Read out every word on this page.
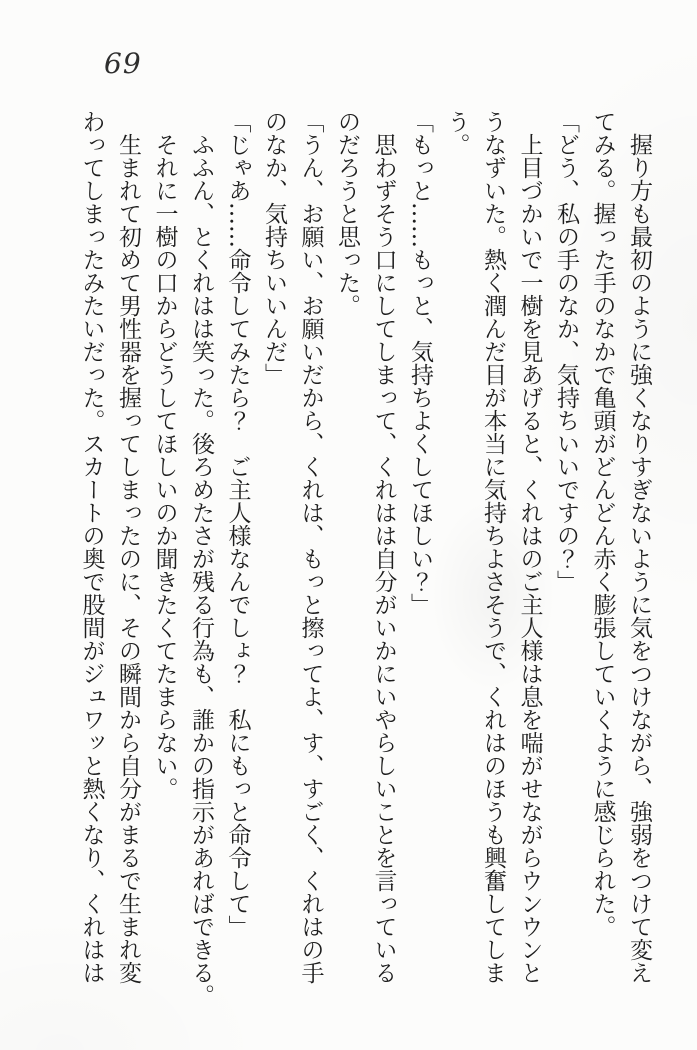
69

握り方も最初のように強くなりすぎないように気をつけながら、強弱をつけて変え

てみる。握った手のなかで亀頭がどんどん赤く膨張していくように感じられた。

「どう、私の手のなか、気持ちいいですの？」

上目づかいで一樹を見あげると、くれはのご主人様は息を喘がせながらウンウンと

うなずいた。熱く潤んだ目が本当に気持ちよさそうで、くれはのほうも興奮してしま

う。

「もっと……もっと、気持ちよくしてほしい？」

思わずそう口にしてしまって、くれはは自分がいかにいやらしいことを言っている

のだろうと思った。

「うん、お願い、お願いだから、くれは、もっと擦ってよ、す、すごく、くれはの手

のなか、気持ちいいんだ」

「じゃあ……命令してみたら？　ご主人様なんでしょ？　私にもっと命令して」

ふふん、とくれはは笑った。後ろめたさが残る行為も、誰かの指示があればできる。

それに一樹の口からどうしてほしいのか聞きたくてたまらない。

生まれて初めて男性器を握ってしまったのに、その瞬間から自分がまるで生まれ変

わってしまったみたいだった。スカートの奥で股間がジュワッと熱くなり、くれはは
